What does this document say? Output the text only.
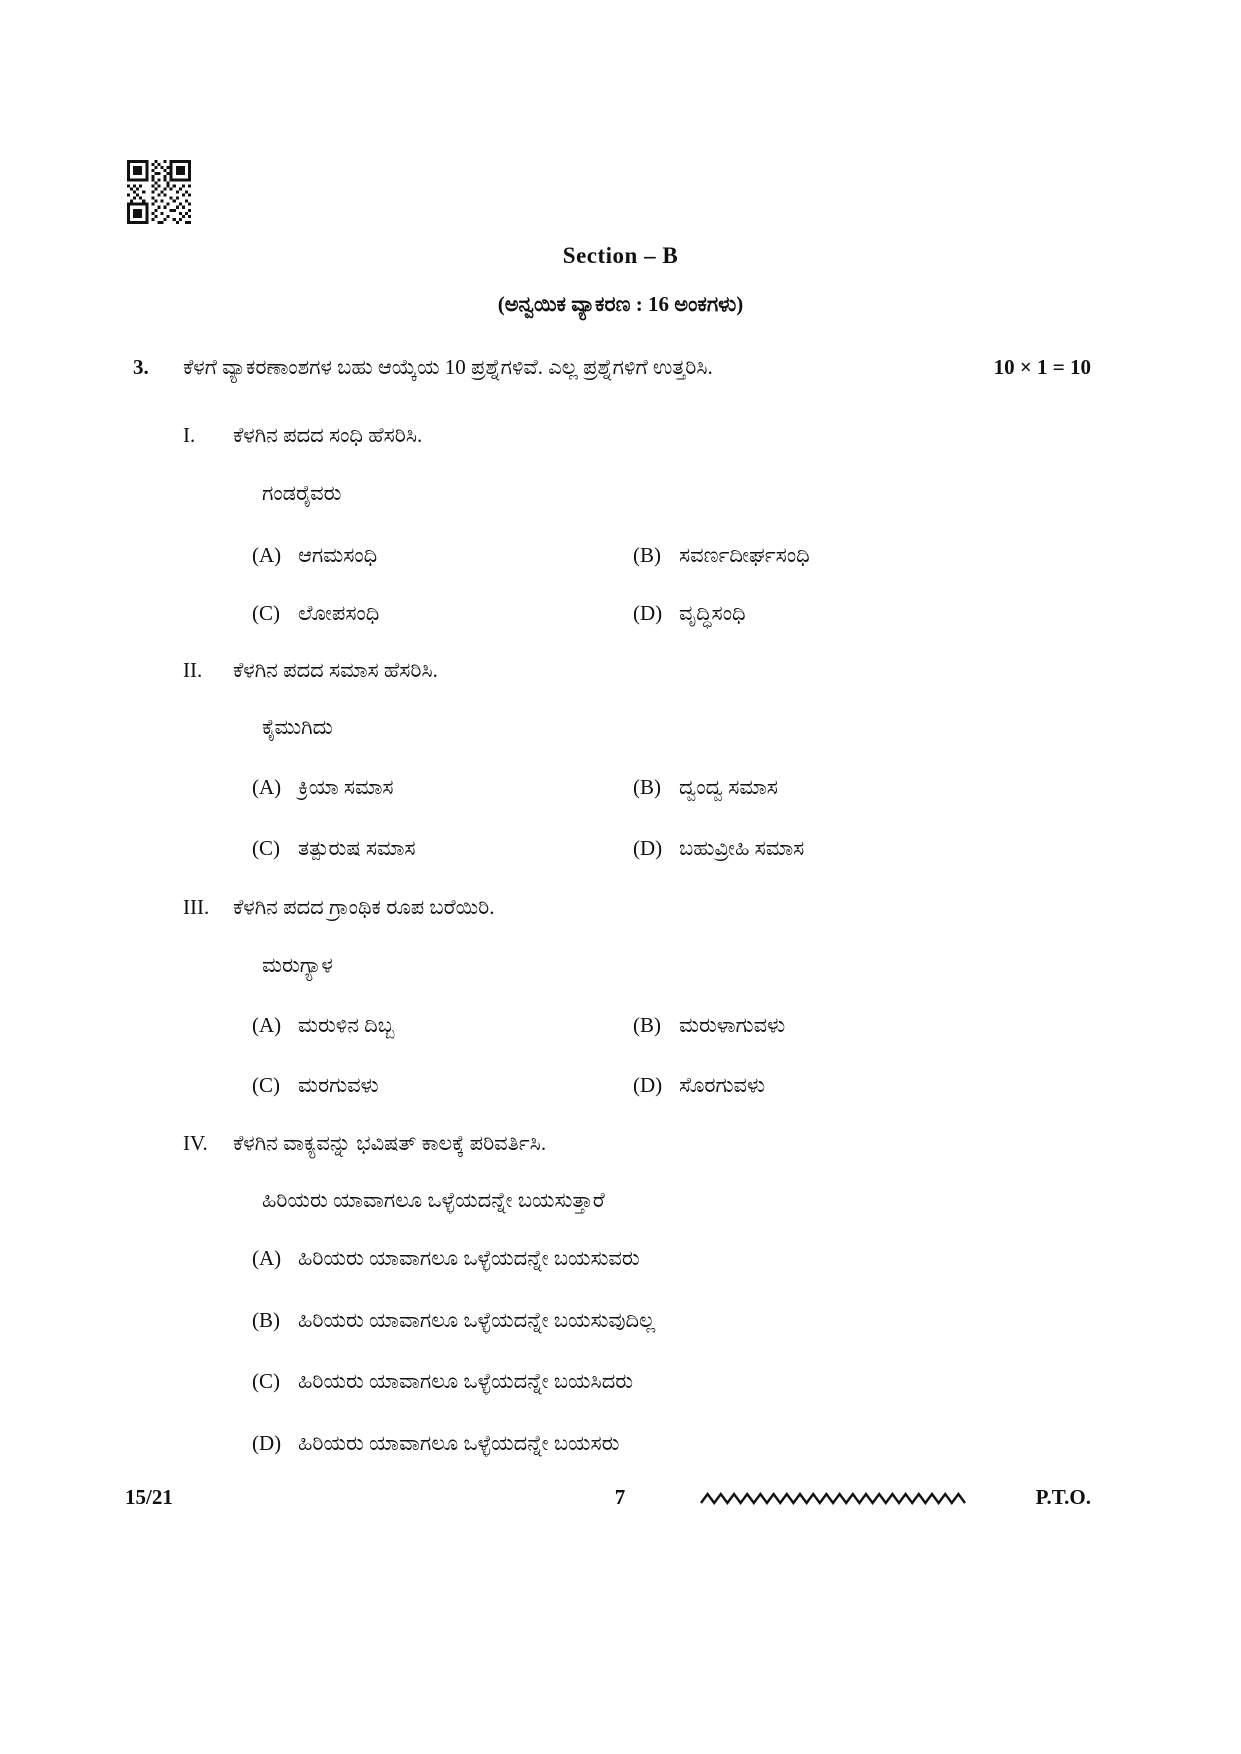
Section – B
(ಅನ್ವಯಿಕ ವ್ಯಾಕರಣ : 16 ಅಂಕಗಳು)
3. ಕೆಳಗೆ ವ್ಯಾಕರಣಾಂಶಗಳ ಬಹು ಆಯ್ಕೆಯ 10 ಪ್ರಶ್ನೆಗಳಿವೆ. ಎಲ್ಲ ಪ್ರಶ್ನೆಗಳಿಗೆ ಉತ್ತರಿಸಿ.	10 × 1 = 10
I. ಕೆಳಗಿನ ಪದದ ಸಂಧಿ ಹೆಸರಿಸಿ.
ಗಂಡರೈವರು
(A) ಆಗಮಸಂಧಿ	(B) ಸವರ್ಣದೀರ್ಘಸಂಧಿ
(C) ಲೋಪಸಂಧಿ	(D) ವೃದ್ಧಿಸಂಧಿ
II. ಕೆಳಗಿನ ಪದದ ಸಮಾಸ ಹೆಸರಿಸಿ.
ಕೈಮುಗಿದು
(A) ಕ್ರಿಯಾ ಸಮಾಸ	(B) ದ್ವಂದ್ವ ಸಮಾಸ
(C) ತತ್ಪುರುಷ ಸಮಾಸ	(D) ಬಹುವ್ರೀಹಿ ಸಮಾಸ
III. ಕೆಳಗಿನ ಪದದ ಗ್ರಾಂಥಿಕ ರೂಪ ಬರೆಯಿರಿ.
ಮರುಗ್ಯಾಳ
(A) ಮರುಳಿನ ದಿಬ್ಬ	(B) ಮರುಳಾಗುವಳು
(C) ಮರಗುವಳು	(D) ಸೊರಗುವಳು
IV. ಕೆಳಗಿನ ವಾಕ್ಯವನ್ನು ಭವಿಷತ್ ಕಾಲಕ್ಕೆ ಪರಿವರ್ತಿಸಿ.
ಹಿರಿಯರು ಯಾವಾಗಲೂ ಒಳ್ಳೆಯದನ್ನೇ ಬಯಸುತ್ತಾರೆ
(A) ಹಿರಿಯರು ಯಾವಾಗಲೂ ಒಳ್ಳೆಯದನ್ನೇ ಬಯಸುವರು
(B) ಹಿರಿಯರು ಯಾವಾಗಲೂ ಒಳ್ಳೆಯದನ್ನೇ ಬಯಸುವುದಿಲ್ಲ
(C) ಹಿರಿಯರು ಯಾವಾಗಲೂ ಒಳ್ಳೆಯದನ್ನೇ ಬಯಸಿದರು
(D) ಹಿರಿಯರು ಯಾವಾಗಲೂ ಒಳ್ಳೆಯದನ್ನೇ ಬಯಸರು
15/21	7	P.T.O.
